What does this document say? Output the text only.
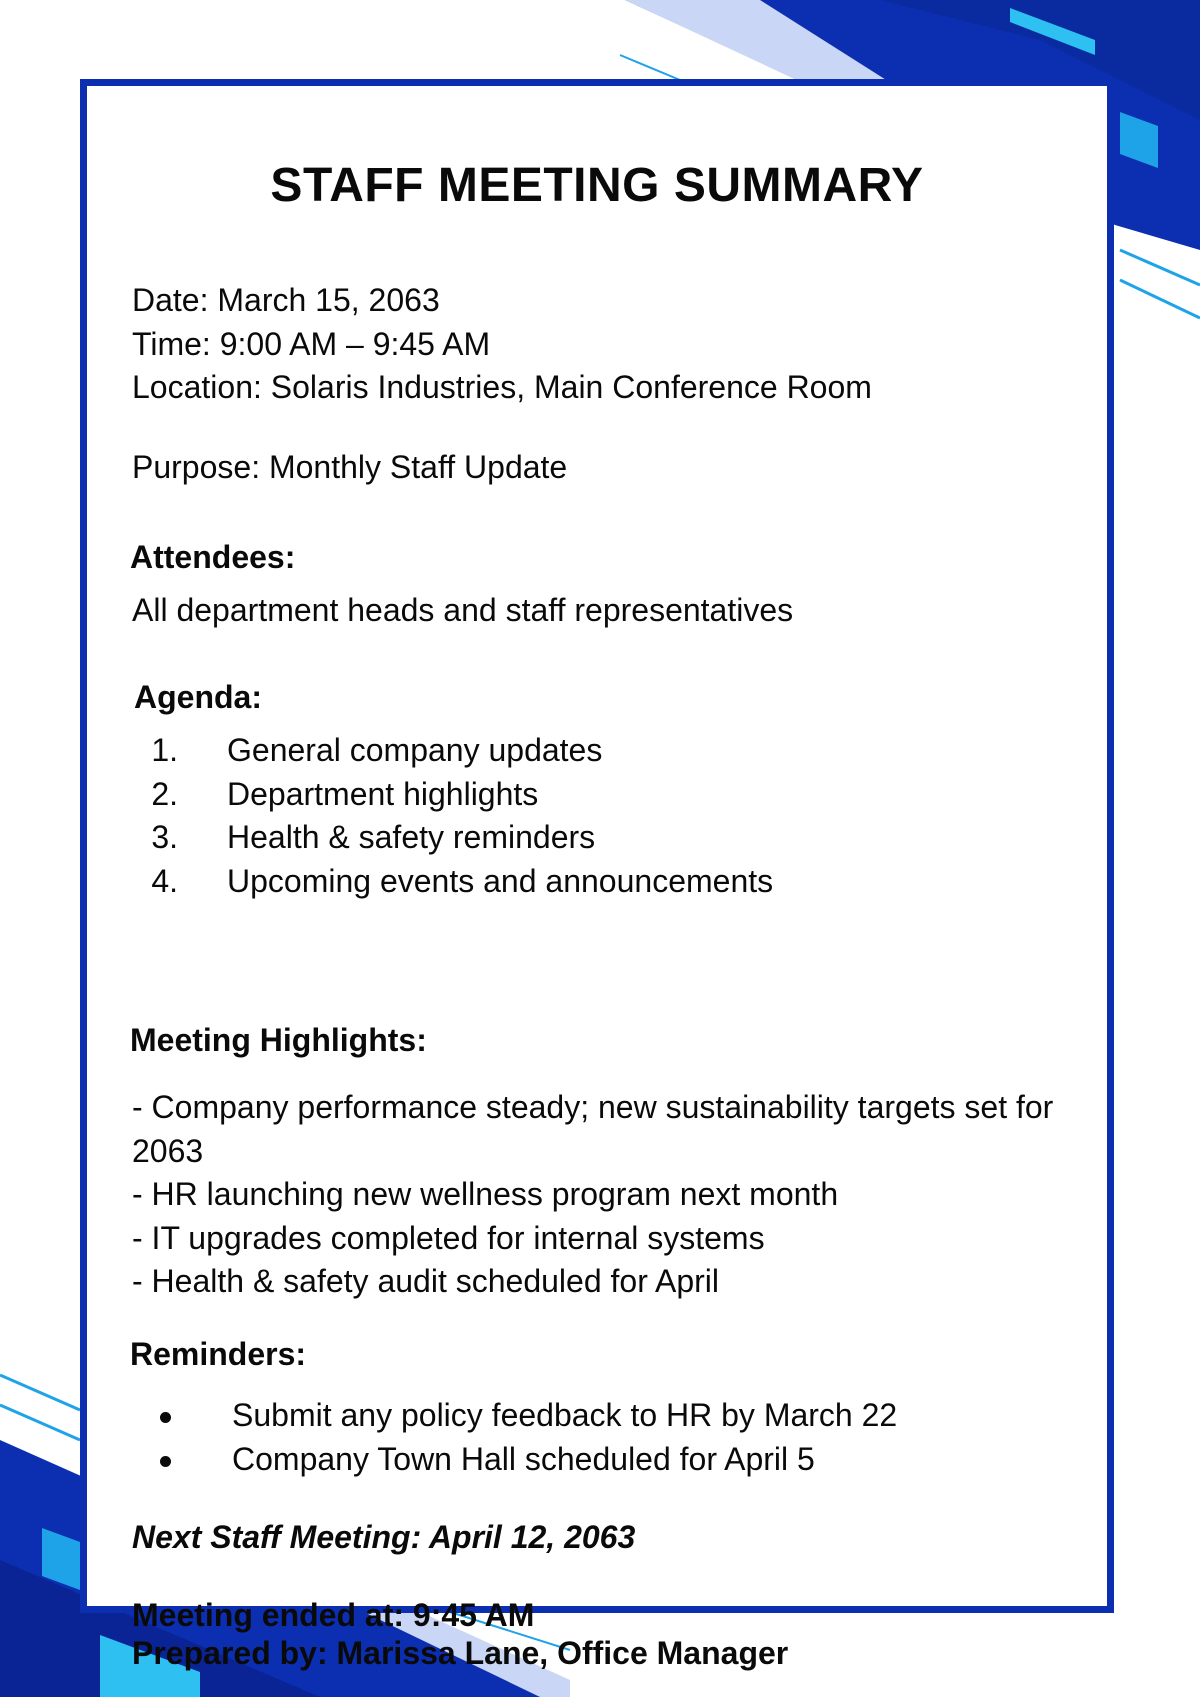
STAFF MEETING SUMMARY
Date: March 15, 2063
Time: 9:00 AM – 9:45 AM
Location: Solaris Industries, Main Conference Room
Purpose: Monthly Staff Update
Attendees:
All department heads and staff representatives
Agenda:
1. General company updates
2. Department highlights
3. Health & safety reminders
4. Upcoming events and announcements
Meeting Highlights:
- Company performance steady; new sustainability targets set for 2063
- HR launching new wellness program next month
- IT upgrades completed for internal systems
- Health & safety audit scheduled for April
Reminders:
Submit any policy feedback to HR by March 22
Company Town Hall scheduled for April 5
Next Staff Meeting: April 12, 2063
Meeting ended at: 9:45 AM
Prepared by: Marissa Lane, Office Manager
